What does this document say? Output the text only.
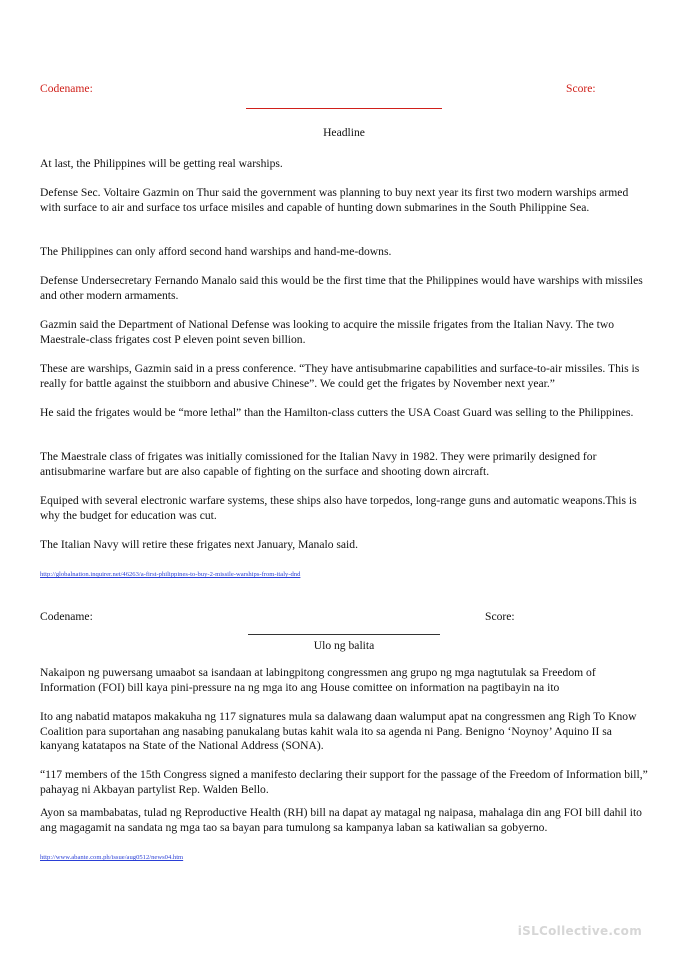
Codename:	Score:
Headline

At last, the Philippines will be getting real warships.

Defense Sec. Voltaire Gazmin on Thur said the government was planning to buy next year its first two modern warships armed with surface to air and surface tos urface misiles and capable of hunting down submarines in the South Philippine Sea.

The Philippines can only afford second hand warships and hand-me-downs.

Defense Undersecretary Fernando Manalo said this would be the first time that the Philippines would have warships with missiles and other modern armaments.

Gazmin said the Department of National Defense was looking to acquire the missile frigates from the Italian Navy. The two Maestrale-class frigates cost P eleven point seven billion.

These are warships, Gazmin said in a press conference. “They have antisubmarine capabilities and surface-to-air missiles. This is really for battle against the stuibborn and abusive Chinese”. We could get the frigates by November next year.”

He said the frigates would be “more lethal” than the Hamilton-class cutters the USA Coast Guard was selling to the Philippines.

The Maestrale class of frigates was initially comissioned for the Italian Navy in 1982. They were primarily designed for antisubmarine warfare but are also capable of fighting on the surface and shooting down aircraft.

Equiped with several electronic warfare systems, these ships also have torpedos, long-range guns and automatic weapons.This is why the budget for education was cut.

The Italian Navy will retire these frigates next January, Manalo said.

http://globalnation.inquirer.net/46263/a-first-philippines-to-buy-2-missile-warships-from-italy-dnd
Codename:	Score:
Ulo ng balita

Nakaipon ng puwersang umaabot sa isandaan at labingpitong congressmen ang grupo ng mga nagtutulak sa Freedom of Information (FOI) bill kaya pini-pressure na ng mga ito ang House comittee on information na pagtibayin na ito

Ito ang nabatid matapos makakuha ng 117 signatures mula sa dalawang daan walumput apat na congressmen ang Righ To Know Coalition para suportahan ang nasabing panukalang butas kahit wala ito sa agenda ni Pang. Benigno ‘Noynoy’ Aquino II sa kanyang katatapos na State of the National Address (SONA).

“117 members of the 15th Congress signed a manifesto declaring their support for the passage of the Freedom of Information bill,” pahayag ni Akbayan partylist Rep. Walden Bello.

Ayon sa mambabatas, tulad ng Reproductive Health (RH) bill na dapat ay matagal ng naipasa, mahalaga din ang FOI bill dahil ito ang magagamit na sandata ng mga tao sa bayan para tumulong sa kampanya laban sa katiwalian sa gobyerno.

http://www.abante.com.ph/issue/aug0512/news04.htm
iSLCollective.com
